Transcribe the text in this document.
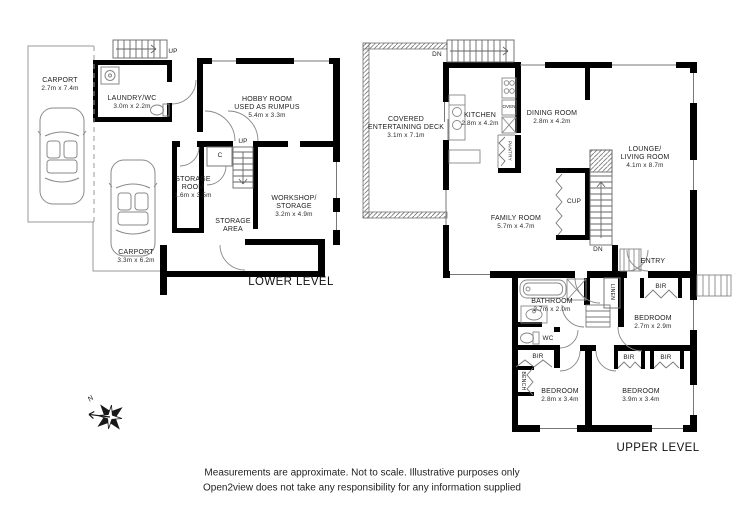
CARPORT
2.7m x 7.4m
LAUNDRY/WC
3.0m x 2.2m
UP
HOBBY ROOM
USED AS RUMPUS
5.4m x 3.3m
STORAGE
ROOM
1.6m x 3.5m
C
UP
STORAGE
AREA
WORKSHOP/
STORAGE
3.2m x 4.9m
CARPORT
3.3m x 6.2m
LOWER LEVEL
COVERED
ENTERTAINING DECK
3.1m x 7.1m
DN
KITCHEN
2.8m x 4.2m
OVEN
PANTRY
DINING ROOM
2.8m x 4.2m
LOUNGE/
LIVING ROOM
4.1m x 8.7m
FAMILY ROOM
5.7m x 4.7m
CUP
DN
ENTRY
BATHROOM
2.7m x 2.0m
WC
LINEN
BEDROOM
2.7m x 2.9m
BIR
BIR	BIR	BIR
BENCH
BEDROOM
2.8m x 3.4m
BEDROOM
3.9m x 3.4m
UPPER LEVEL
N
Measurements are approximate. Not to scale. Illustrative purposes only
Open2view does not take any responsibility for any information supplied
